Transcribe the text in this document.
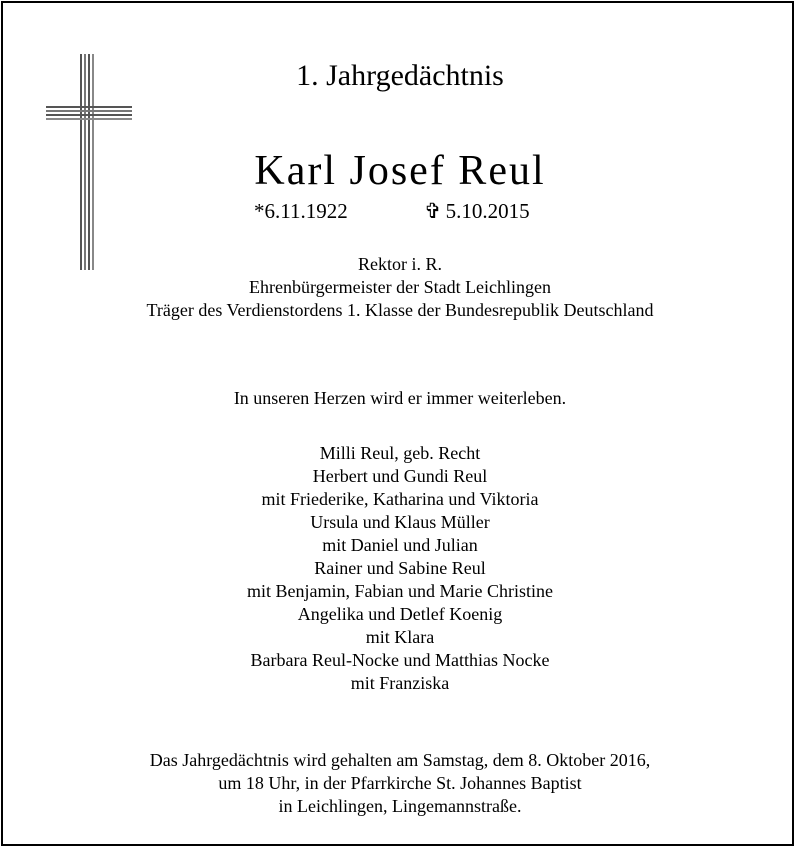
1. Jahrgedächtnis
Karl Josef Reul
*6.11.1922	✞ 5.10.2015
Rektor i. R.
Ehrenbürgermeister der Stadt Leichlingen
Träger des Verdienstordens 1. Klasse der Bundesrepublik Deutschland
In unseren Herzen wird er immer weiterleben.
Milli Reul, geb. Recht
Herbert und Gundi Reul
mit Friederike, Katharina und Viktoria
Ursula und Klaus Müller
mit Daniel und Julian
Rainer und Sabine Reul
mit Benjamin, Fabian und Marie Christine
Angelika und Detlef Koenig
mit Klara
Barbara Reul-Nocke und Matthias Nocke
mit Franziska
Das Jahrgedächtnis wird gehalten am Samstag, dem 8. Oktober 2016,
um 18 Uhr, in der Pfarrkirche St. Johannes Baptist
in Leichlingen, Lingemannstraße.
